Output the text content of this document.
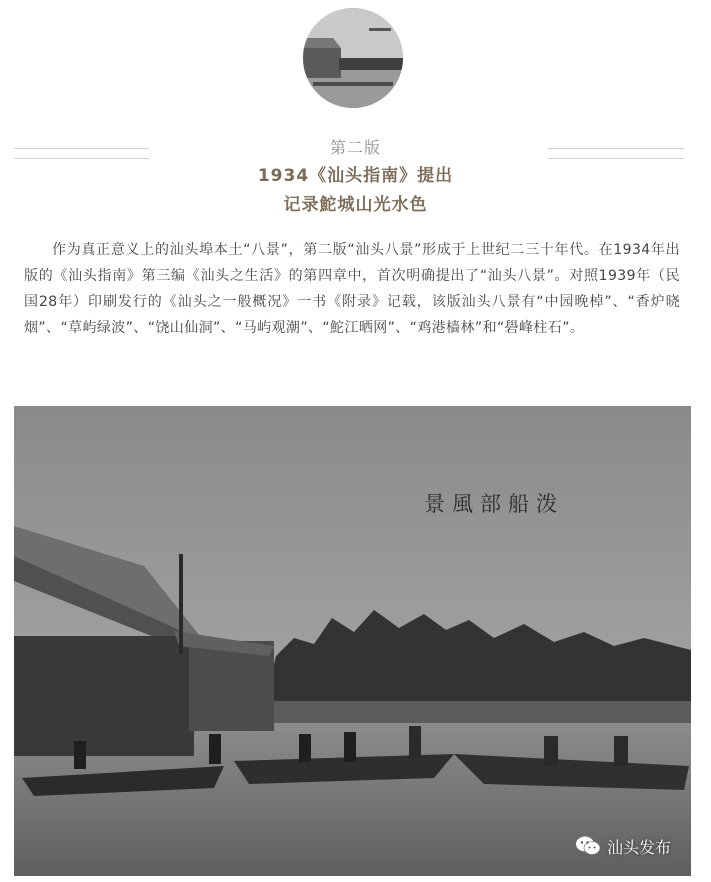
第二版
1934《汕头指南》提出
记录鮀城山光水色

作为真正意义上的汕头埠本土“八景”，第二版“汕头八景”形成于上世纪二三十年代。在1934年出版的《汕头指南》第三编《汕头之生活》的第四章中，首次明确提出了“汕头八景”。对照1939年（民国28年）印刷发行的《汕头之一般概况》一书《附录》记载，该版汕头八景有“中园晚棹”、“香炉晓烟”、“草屿绿波”、“饶山仙洞”、“马屿观潮”、“鮀江晒网”、“鸡港樯林”和“礐峰柱石”。

景風部船泼
汕头发布
